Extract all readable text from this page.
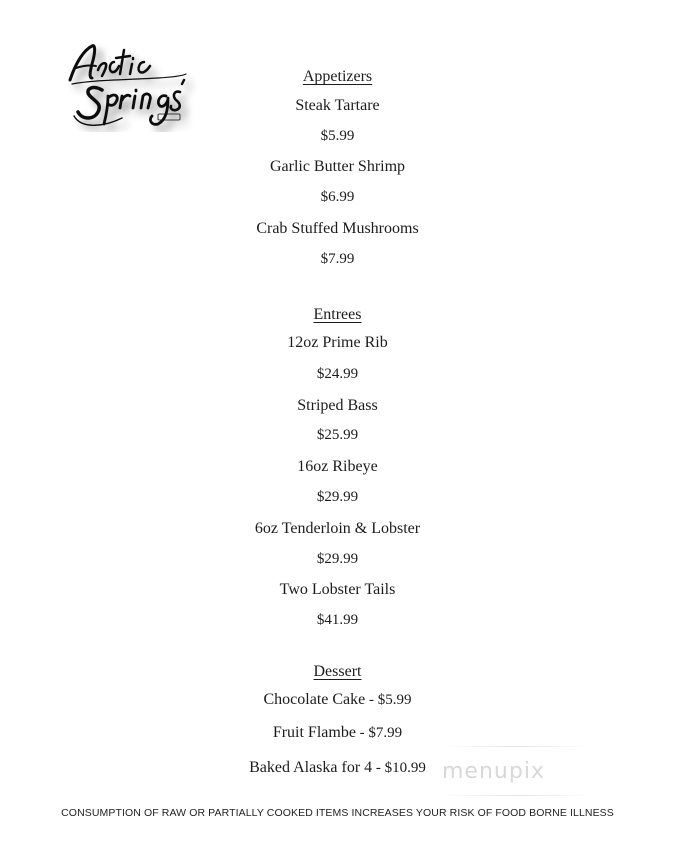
Appetizers
Steak Tartare
$5.99
Garlic Butter Shrimp
$6.99
Crab Stuffed Mushrooms
$7.99
Entrees
12oz Prime Rib
$24.99
Striped Bass
$25.99
16oz Ribeye
$29.99
6oz Tenderloin & Lobster
$29.99
Two Lobster Tails
$41.99
Dessert
Chocolate Cake - $5.99
Fruit Flambe - $7.99
Baked Alaska for 4 - $10.99 menupix
CONSUMPTION OF RAW OR PARTIALLY COOKED ITEMS INCREASES YOUR RISK OF FOOD BORNE ILLNESS
